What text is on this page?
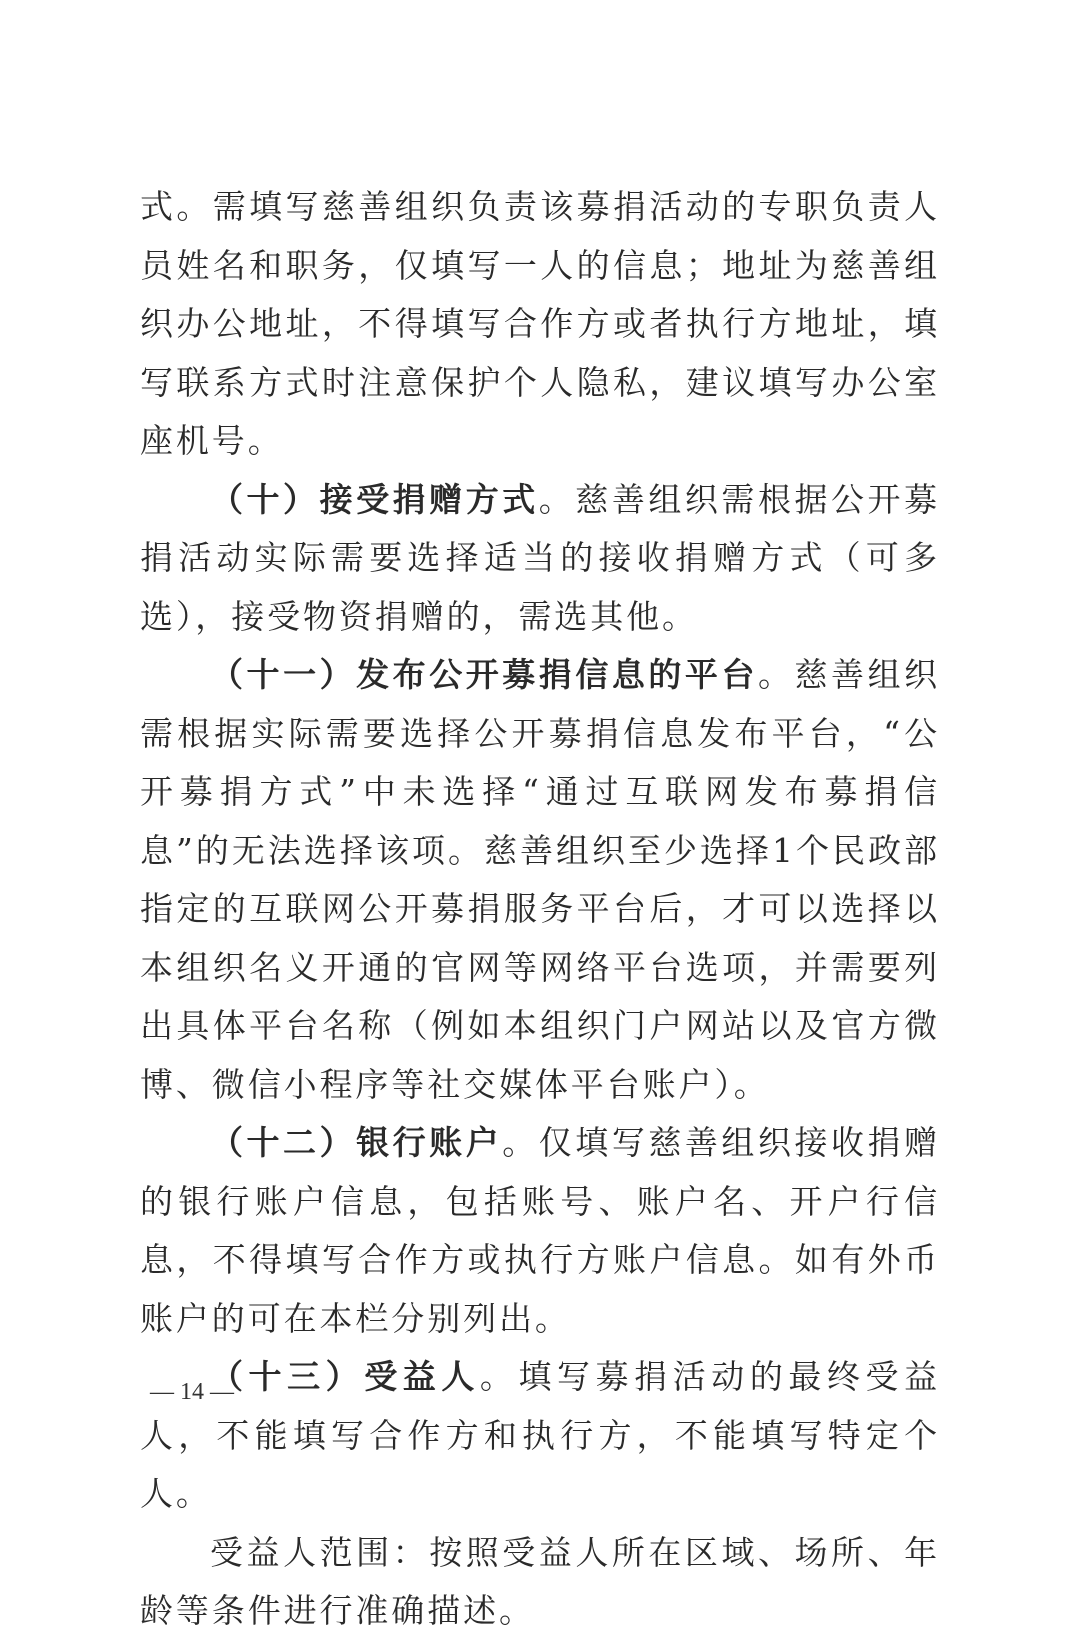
式。需填写慈善组织负责该募捐活动的专职负责人员姓名和职务，仅填写一人的信息；地址为慈善组织办公地址，不得填写合作方或者执行方地址，填写联系方式时注意保护个人隐私，建议填写办公室座机号。

（十）接受捐赠方式。慈善组织需根据公开募捐活动实际需要选择适当的接收捐赠方式（可多选），接受物资捐赠的，需选其他。

（十一）发布公开募捐信息的平台。慈善组织需根据实际需要选择公开募捐信息发布平台，“公开募捐方式”中未选择“通过互联网发布募捐信息”的无法选择该项。慈善组织至少选择1个民政部指定的互联网公开募捐服务平台后，才可以选择以本组织名义开通的官网等网络平台选项，并需要列出具体平台名称（例如本组织门户网站以及官方微博、微信小程序等社交媒体平台账户）。

（十二）银行账户。仅填写慈善组织接收捐赠的银行账户信息，包括账号、账户名、开户行信息，不得填写合作方或执行方账户信息。如有外币账户的可在本栏分别列出。

（十三）受益人。填写募捐活动的最终受益人，不能填写合作方和执行方，不能填写特定个人。

受益人范围：按照受益人所在区域、场所、年龄等条件进行准确描述。

— 14 —
